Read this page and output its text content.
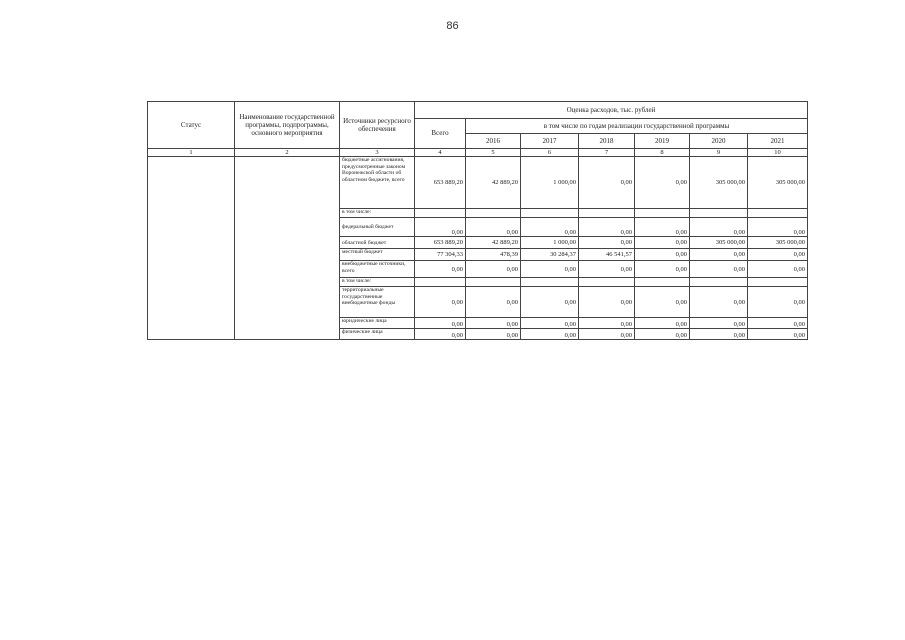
86
Статус	Наименование государственной программы, подпрограммы, основного мероприятия	Источники ресурсного обеспечения	Оценка расходов, тыс. рублей						
			Всего	в том числе по годам реализации государственной программы					
				2016	2017	2018	2019	2020	2021
1	2	3	4	5	6	7	8	9	10
		бюджетные ассигнования, предусмотренные законом Воронежской области об областном бюджете, всего	653 889,20	42 889,20	1 000,00	0,00	0,00	305 000,00	305 000,00
		в том числе:							
		федеральный бюджет	0,00	0,00	0,00	0,00	0,00	0,00	0,00
		областной бюджет	653 889,20	42 889,20	1 000,00	0,00	0,00	305 000,00	305 000,00
		местный бюджет	77 304,33	478,39	30 284,37	46 541,57	0,00	0,00	0,00
		внебюджетные источники, всего	0,00	0,00	0,00	0,00	0,00	0,00	0,00
		в том числе:							
		территориальные государственные внебюджетные фонды	0,00	0,00	0,00	0,00	0,00	0,00	0,00
		юридические лица	0,00	0,00	0,00	0,00	0,00	0,00	0,00
		физические лица	0,00	0,00	0,00	0,00	0,00	0,00	0,00
